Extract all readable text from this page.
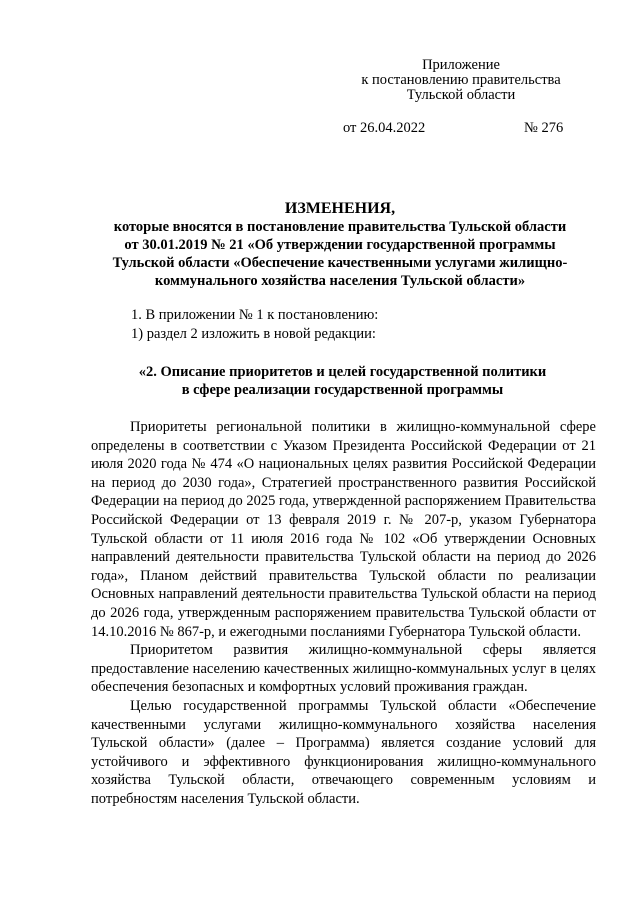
Приложение
к постановлению правительства
Тульской области
от 26.04.2022	№ 276
ИЗМЕНЕНИЯ,
которые вносятся в постановление правительства Тульской области
от 30.01.2019 № 21 «Об утверждении государственной программы
Тульской области «Обеспечение качественными услугами жилищно-
коммунального хозяйства населения Тульской области»
1. В приложении № 1 к постановлению:
1) раздел 2 изложить в новой редакции:
«2. Описание приоритетов и целей государственной политики
в сфере реализации государственной программы

Приоритеты региональной политики в жилищно-коммунальной сфере определены в соответствии с Указом Президента Российской Федерации от 21 июля 2020 года № 474 «О национальных целях развития Российской Федерации на период до 2030 года», Стратегией пространственного развития Российской Федерации на период до 2025 года, утвержденной распоряжением Правительства Российской Федерации от 13 февраля 2019 г. № 207-р, указом Губернатора Тульской области от 11 июля 2016 года № 102 «Об утверждении Основных направлений деятельности правительства Тульской области на период до 2026 года», Планом действий правительства Тульской области по реализации Основных направлений деятельности правительства Тульской области на период до 2026 года, утвержденным распоряжением правительства Тульской области от 14.10.2016 № 867-р, и ежегодными посланиями Губернатора Тульской области.

Приоритетом развития жилищно-коммунальной сферы является предоставление населению качественных жилищно-коммунальных услуг в целях обеспечения безопасных и комфортных условий проживания граждан.

Целью государственной программы Тульской области «Обеспечение качественными услугами жилищно-коммунального хозяйства населения Тульской области» (далее – Программа) является создание условий для устойчивого и эффективного функционирования жилищно-коммунального хозяйства Тульской области, отвечающего современным условиям и потребностям населения Тульской области.
